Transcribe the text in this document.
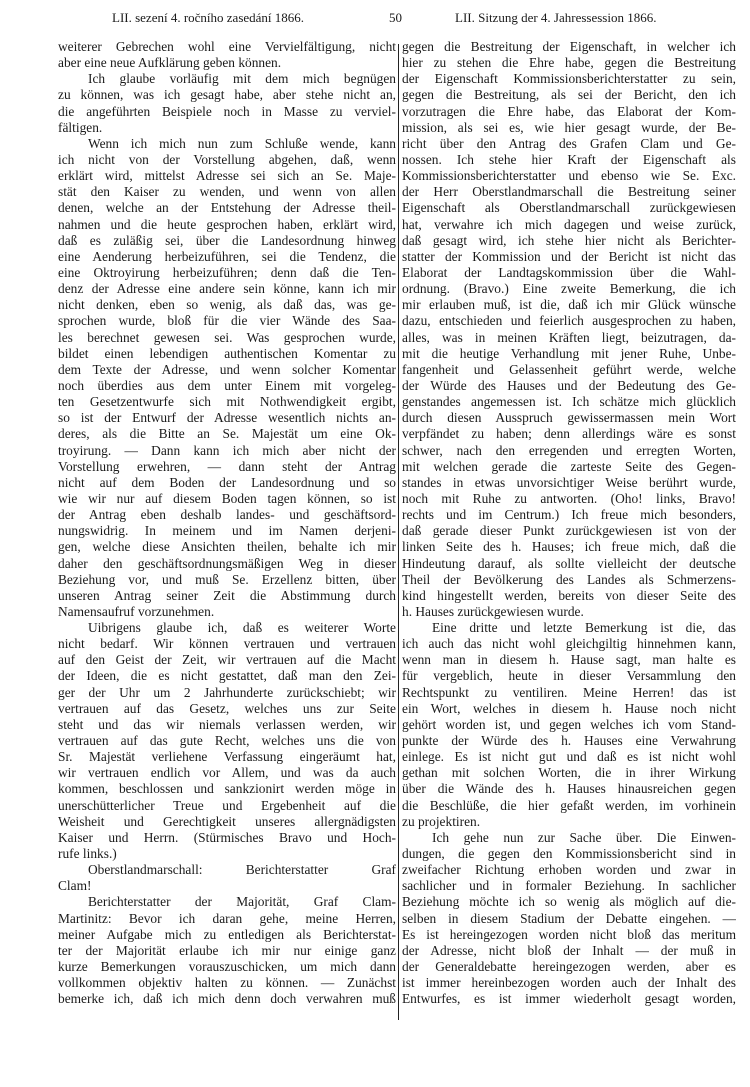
LII. sezení 4. ročního zasedání 1866.	50	LII. Sitzung der 4. Jahressession 1866.
weiterer Gebrechen wohl eine Vervielfältigung, nicht
aber eine neue Aufklärung geben können.
Ich glaube vorläufig mit dem mich begnügen
zu können, was ich gesagt habe, aber stehe nicht an,
die angeführten Beispiele noch in Masse zu verviel-
fältigen.
Wenn ich mich nun zum Schluße wende, kann
ich nicht von der Vorstellung abgehen, daß, wenn
erklärt wird, mittelst Adresse sei sich an Se. Maje-
stät den Kaiser zu wenden, und wenn von allen
denen, welche an der Entstehung der Adresse theil-
nahmen und die heute gesprochen haben, erklärt wird,
daß es zuläßig sei, über die Landesordnung hinweg
eine Aenderung herbeizuführen, sei die Tendenz, die
eine Oktroyirung herbeizuführen; denn daß die Ten-
denz der Adresse eine andere sein könne, kann ich mir
nicht denken, eben so wenig, als daß das, was ge-
sprochen wurde, bloß für die vier Wände des Saa-
les berechnet gewesen sei. Was gesprochen wurde,
bildet einen lebendigen authentischen Komentar zu
dem Texte der Adresse, und wenn solcher Komentar
noch überdies aus dem unter Einem mit vorgeleg-
ten Gesetzentwurfe sich mit Nothwendigkeit ergibt,
so ist der Entwurf der Adresse wesentlich nichts an-
deres, als die Bitte an Se. Majestät um eine Ok-
troyirung. — Dann kann ich mich aber nicht der
Vorstellung erwehren, — dann steht der Antrag
nicht auf dem Boden der Landesordnung und so
wie wir nur auf diesem Boden tagen können, so ist
der Antrag eben deshalb landes- und geschäftsord-
nungswidrig. In meinem und im Namen derjeni-
gen, welche diese Ansichten theilen, behalte ich mir
daher den geschäftsordnungsmäßigen Weg in dieser
Beziehung vor, und muß Se. Erzellenz bitten, über
unseren Antrag seiner Zeit die Abstimmung durch
Namensaufruf vorzunehmen.
Uibrigens glaube ich, daß es weiterer Worte
nicht bedarf. Wir können vertrauen und vertrauen
auf den Geist der Zeit, wir vertrauen auf die Macht
der Ideen, die es nicht gestattet, daß man den Zei-
ger der Uhr um 2 Jahrhunderte zurückschiebt; wir
vertrauen auf das Gesetz, welches uns zur Seite
steht und das wir niemals verlassen werden, wir
vertrauen auf das gute Recht, welches uns die von
Sr. Majestät verliehene Verfassung eingeräumt hat,
wir vertrauen endlich vor Allem, und was da auch
kommen, beschlossen und sankzionirt werden möge in
unerschütterlicher Treue und Ergebenheit auf die
Weisheit und Gerechtigkeit unseres allergnädigsten
Kaiser und Herrn. (Stürmisches Bravo und Hoch-
rufe links.)
Oberstlandmarschall: Berichterstatter Graf
Clam!
Berichterstatter der Majorität, Graf Clam-
Martinitz: Bevor ich daran gehe, meine Herren,
meiner Aufgabe mich zu entledigen als Berichterstat-
ter der Majorität erlaube ich mir nur einige ganz
kurze Bemerkungen vorauszuschicken, um mich dann
vollkommen objektiv halten zu können. — Zunächst
bemerke ich, daß ich mich denn doch verwahren muß
gegen die Bestreitung der Eigenschaft, in welcher ich
hier zu stehen die Ehre habe, gegen die Bestreitung
der Eigenschaft Kommissionsberichterstatter zu sein,
gegen die Bestreitung, als sei der Bericht, den ich
vorzutragen die Ehre habe, das Elaborat der Kom-
mission, als sei es, wie hier gesagt wurde, der Be-
richt über den Antrag des Grafen Clam und Ge-
nossen. Ich stehe hier Kraft der Eigenschaft als
Kommissionsberichterstatter und ebenso wie Se. Exc.
der Herr Oberstlandmarschall die Bestreitung seiner
Eigenschaft als Oberstlandmarschall zurückgewiesen
hat, verwahre ich mich dagegen und weise zurück,
daß gesagt wird, ich stehe hier nicht als Berichter-
statter der Kommission und der Bericht ist nicht das
Elaborat der Landtagskommission über die Wahl-
ordnung. (Bravo.) Eine zweite Bemerkung, die ich
mir erlauben muß, ist die, daß ich mir Glück wünsche
dazu, entschieden und feierlich ausgesprochen zu haben,
alles, was in meinen Kräften liegt, beizutragen, da-
mit die heutige Verhandlung mit jener Ruhe, Unbe-
fangenheit und Gelassenheit geführt werde, welche
der Würde des Hauses und der Bedeutung des Ge-
genstandes angemessen ist. Ich schätze mich glücklich
durch diesen Ausspruch gewissermassen mein Wort
verpfändet zu haben; denn allerdings wäre es sonst
schwer, nach den erregenden und erregten Worten,
mit welchen gerade die zarteste Seite des Gegen-
standes in etwas unvorsichtiger Weise berührt wurde,
noch mit Ruhe zu antworten. (Oho! links, Bravo!
rechts und im Centrum.) Ich freue mich besonders,
daß gerade dieser Punkt zurückgewiesen ist von der
linken Seite des h. Hauses; ich freue mich, daß die
Hindeutung darauf, als sollte vielleicht der deutsche
Theil der Bevölkerung des Landes als Schmerzens-
kind hingestellt werden, bereits von dieser Seite des
h. Hauses zurückgewiesen wurde.
Eine dritte und letzte Bemerkung ist die, das
ich auch das nicht wohl gleichgiltig hinnehmen kann,
wenn man in diesem h. Hause sagt, man halte es
für vergeblich, heute in dieser Versammlung den
Rechtspunkt zu ventiliren. Meine Herren! das ist
ein Wort, welches in diesem h. Hause noch nicht
gehört worden ist, und gegen welches ich vom Stand-
punkte der Würde des h. Hauses eine Verwahrung
einlege. Es ist nicht gut und daß es ist nicht wohl
gethan mit solchen Worten, die in ihrer Wirkung
über die Wände des h. Hauses hinausreichen gegen
die Beschlüße, die hier gefaßt werden, im vorhinein
zu projektiren.
Ich gehe nun zur Sache über. Die Einwen-
dungen, die gegen den Kommissionsbericht sind in
zweifacher Richtung erhoben worden und zwar in
sachlicher und in formaler Beziehung. In sachlicher
Beziehung möchte ich so wenig als möglich auf die-
selben in diesem Stadium der Debatte eingehen. —
Es ist hereingezogen worden nicht bloß das meritum
der Adresse, nicht bloß der Inhalt — der muß in
der Generaldebatte hereingezogen werden, aber es
ist immer hereinbezogen worden auch der Inhalt des
Entwurfes, es ist immer wiederholt gesagt worden,
